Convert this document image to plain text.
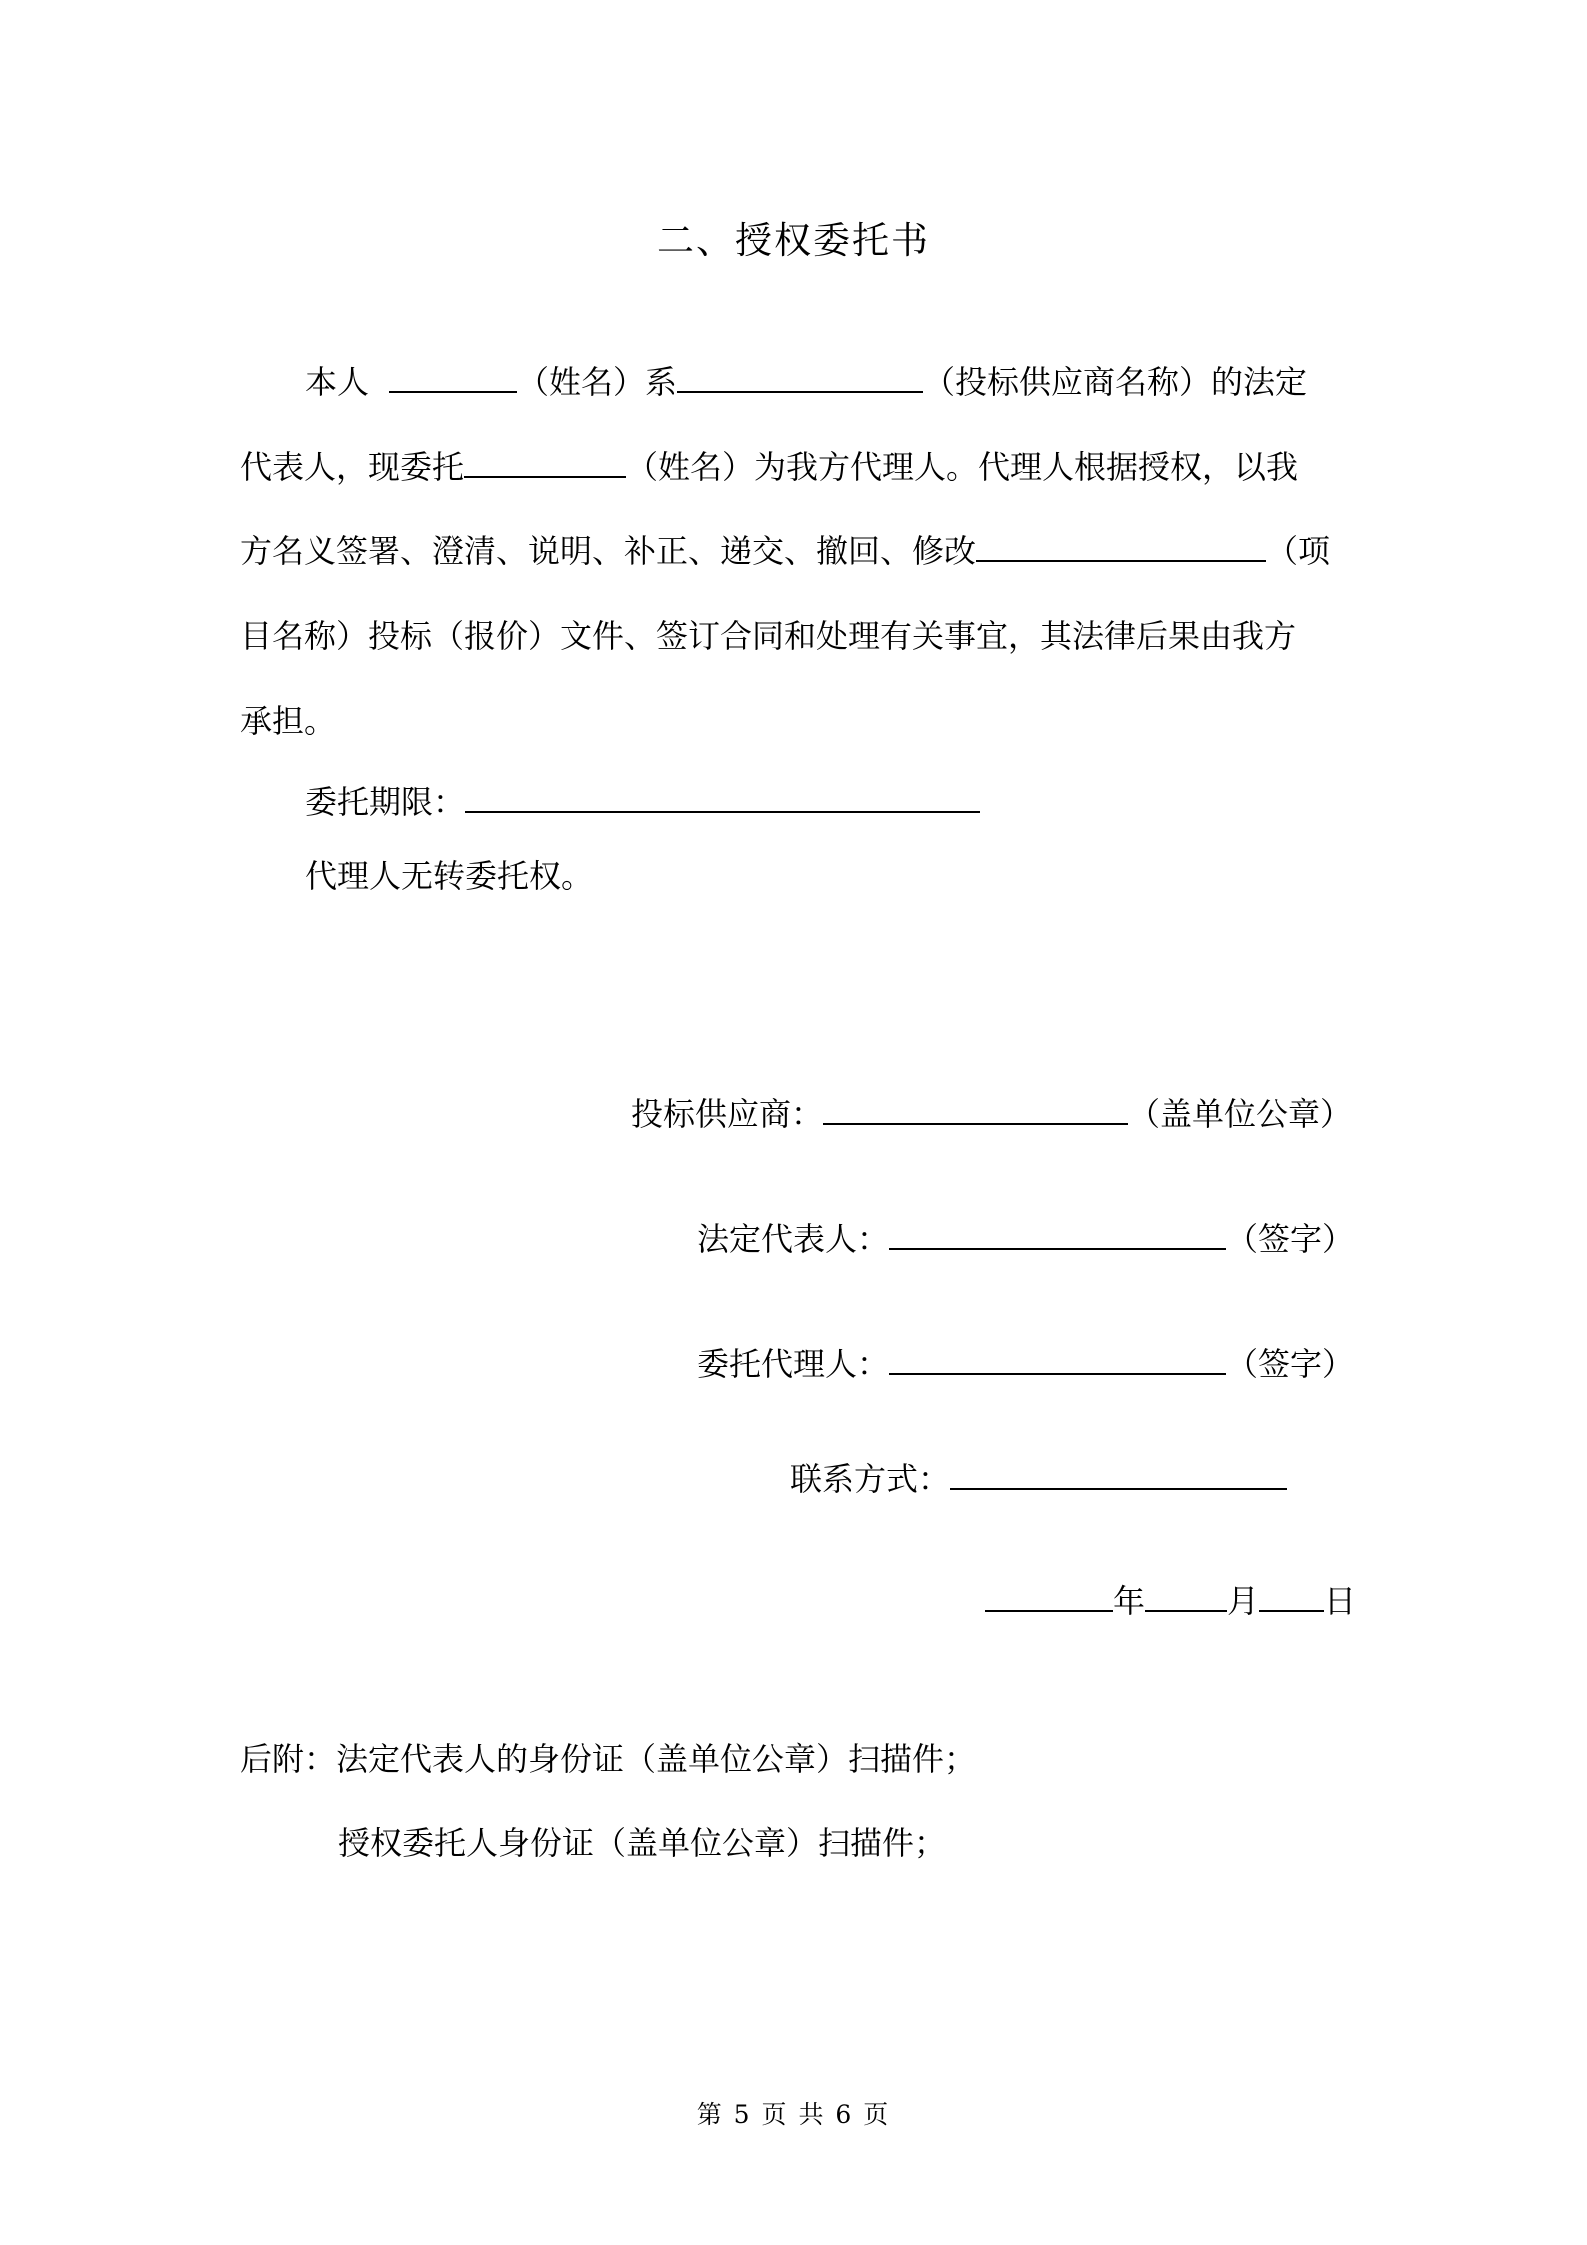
二、授权委托书
本人	（姓名）系	（投标供应商名称）的法定
代表人，现委托	（姓名）为我方代理人。代理人根据授权，以我
方名义签署、澄清、说明、补正、递交、撤回、修改	（项
目名称）投标（报价）文件、签订合同和处理有关事宜，其法律后果由我方
承担。
委托期限：
代理人无转委托权。
投标供应商：	（盖单位公章）
法定代表人：	（签字）
委托代理人：	（签字）
联系方式：
年	月 日
后附：法定代表人的身份证（盖单位公章）扫描件；
授权委托人身份证（盖单位公章）扫描件；
第 5 页 共 6 页
